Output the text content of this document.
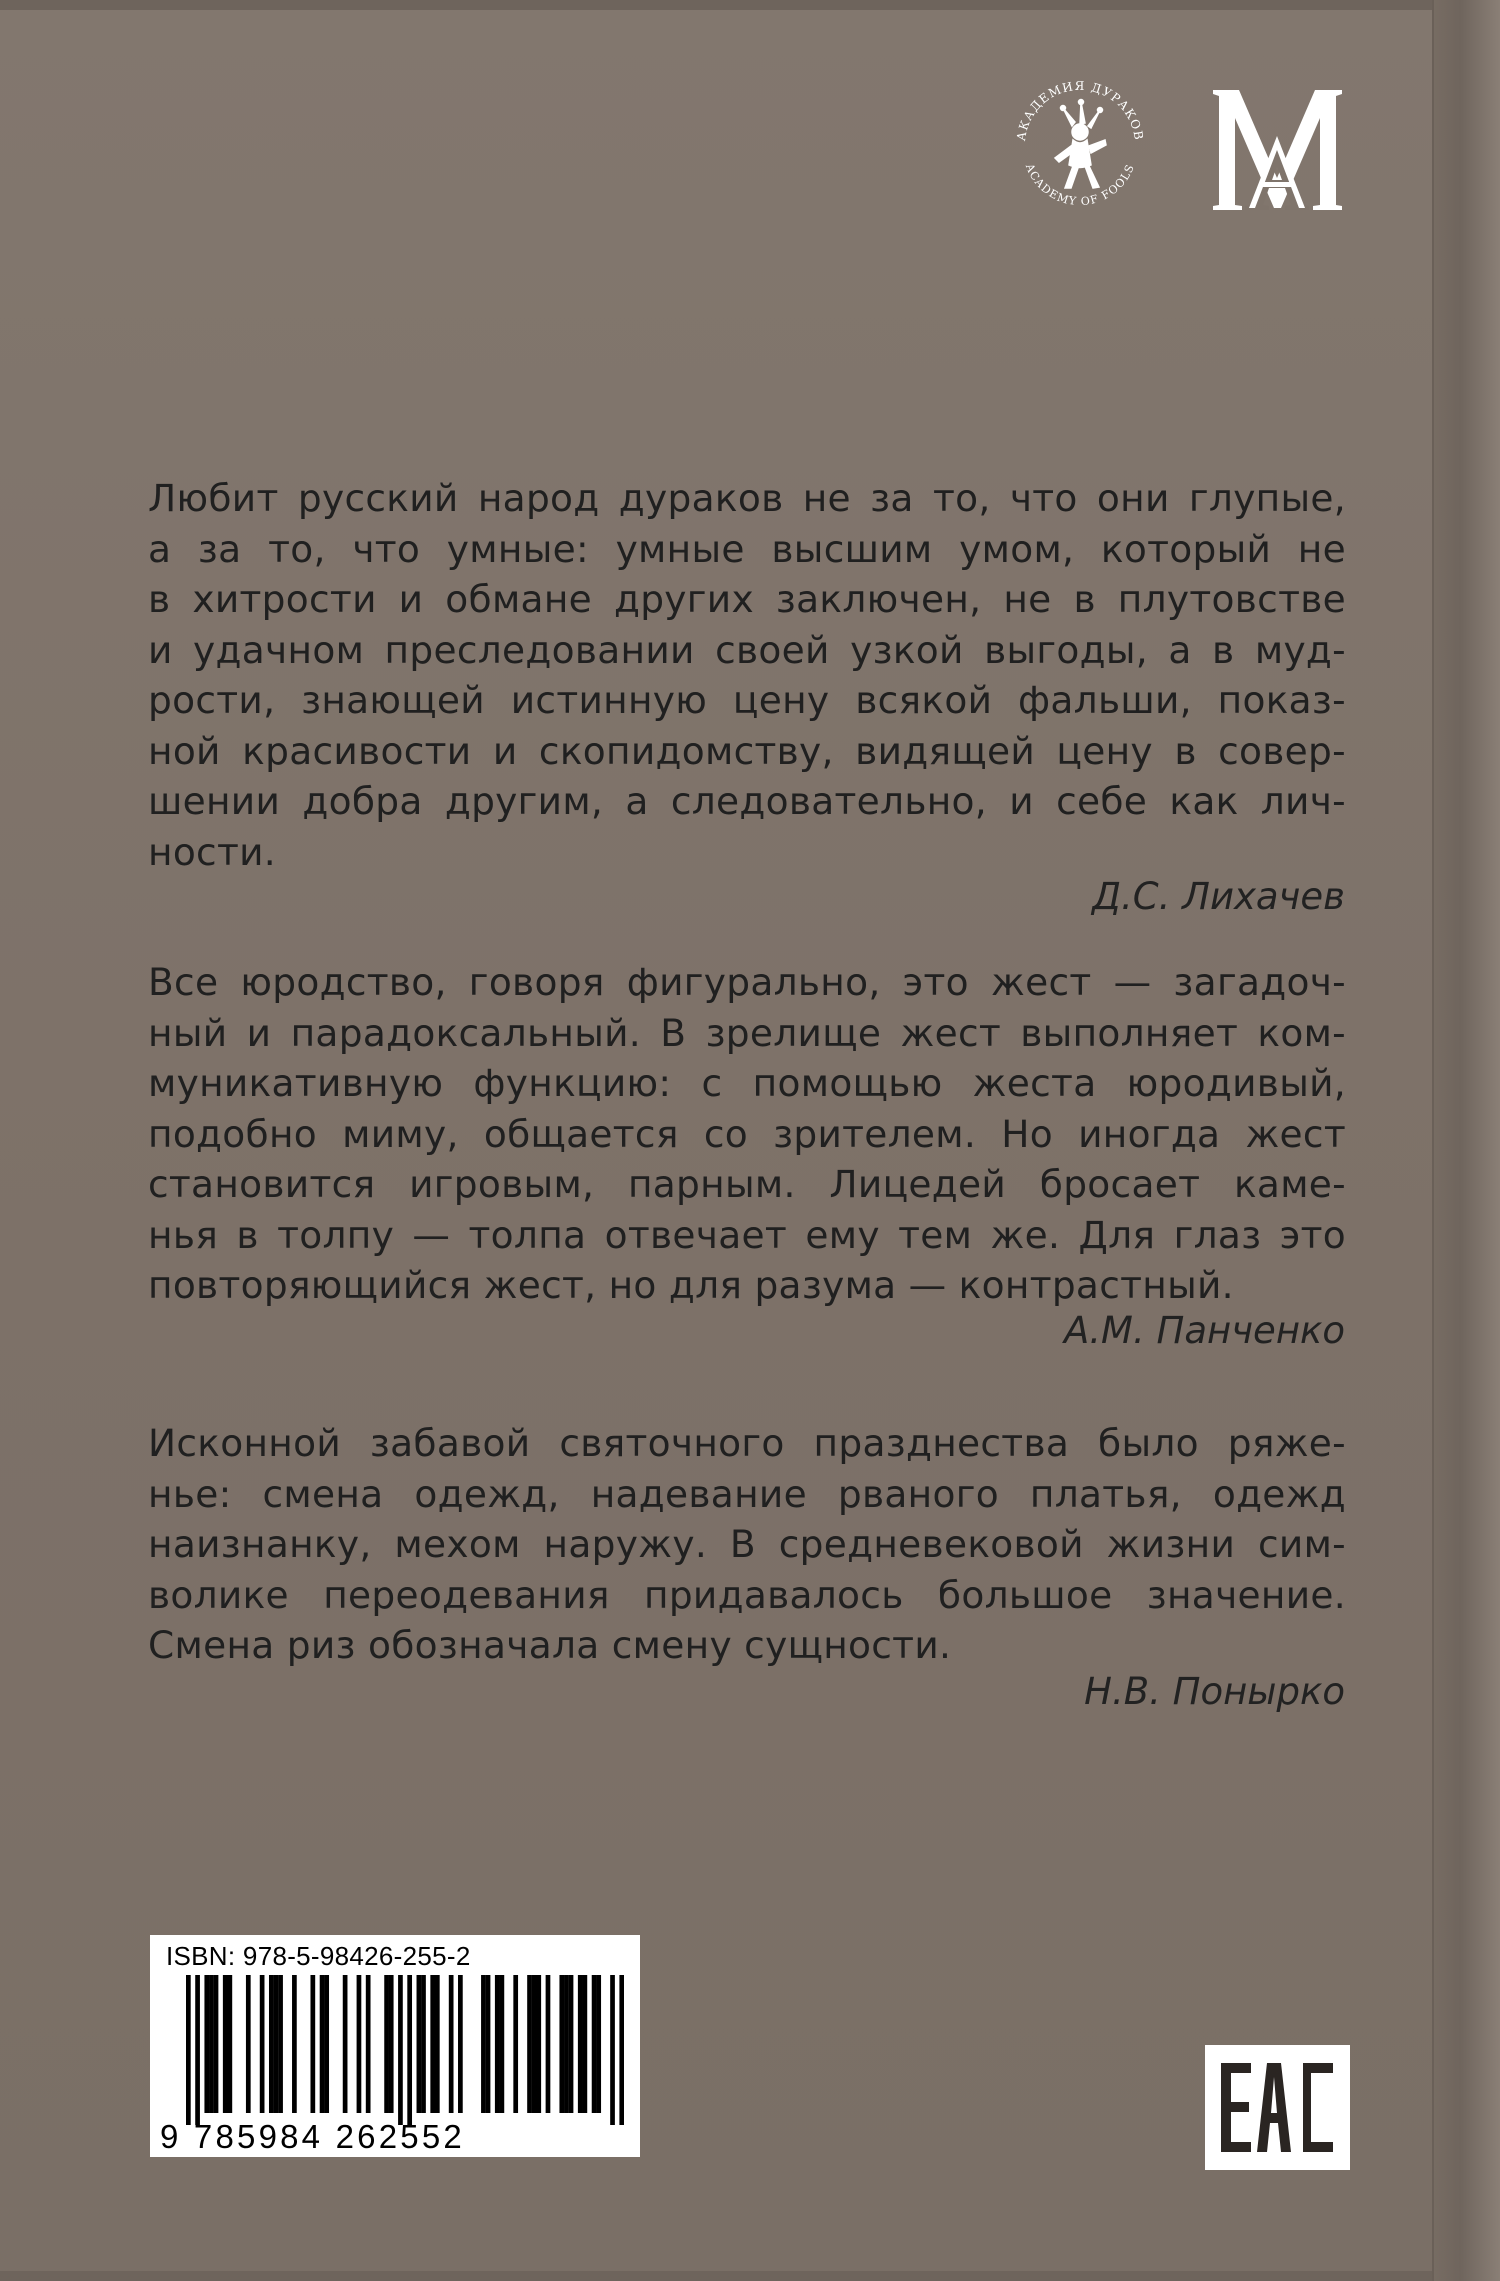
АКАДЕМИЯ ДУРАКОВ
ACADEMY OF FOOLS
Любит русский народ дураков не за то, что они глупые,
а за то, что умные: умные высшим умом, который не
в хитрости и обмане других заключен, не в плутовстве
и удачном преследовании своей узкой выгоды, а в муд-
рости, знающей истинную цену всякой фальши, показ-
ной красивости и скопидомству, видящей цену в совер-
шении добра другим, а следовательно, и себе как лич-
ности.
Д.С. Лихачев
Все юродство, говоря фигурально, это жест — загадоч-
ный и парадоксальный. В зрелище жест выполняет ком-
муникативную функцию: с помощью жеста юродивый,
подобно миму, общается со зрителем. Но иногда жест
становится игровым, парным. Лицедей бросает камe-
нья в толпу — толпа отвечает ему тем же. Для глаз это
повторяющийся жест, но для разума — контрастный.
А.М. Панченко
Исконной забавой святочного празднества было ряже-
нье: смена одежд, надевание рваного платья, одежд
наизнанку, мехом наружу. В средневековой жизни сим-
волике переодевания придавалось большое значение.
Смена риз обозначала смену сущности.
Н.В. Понырко
ISBN: 978-5-98426-255-2
9 785984 262552
